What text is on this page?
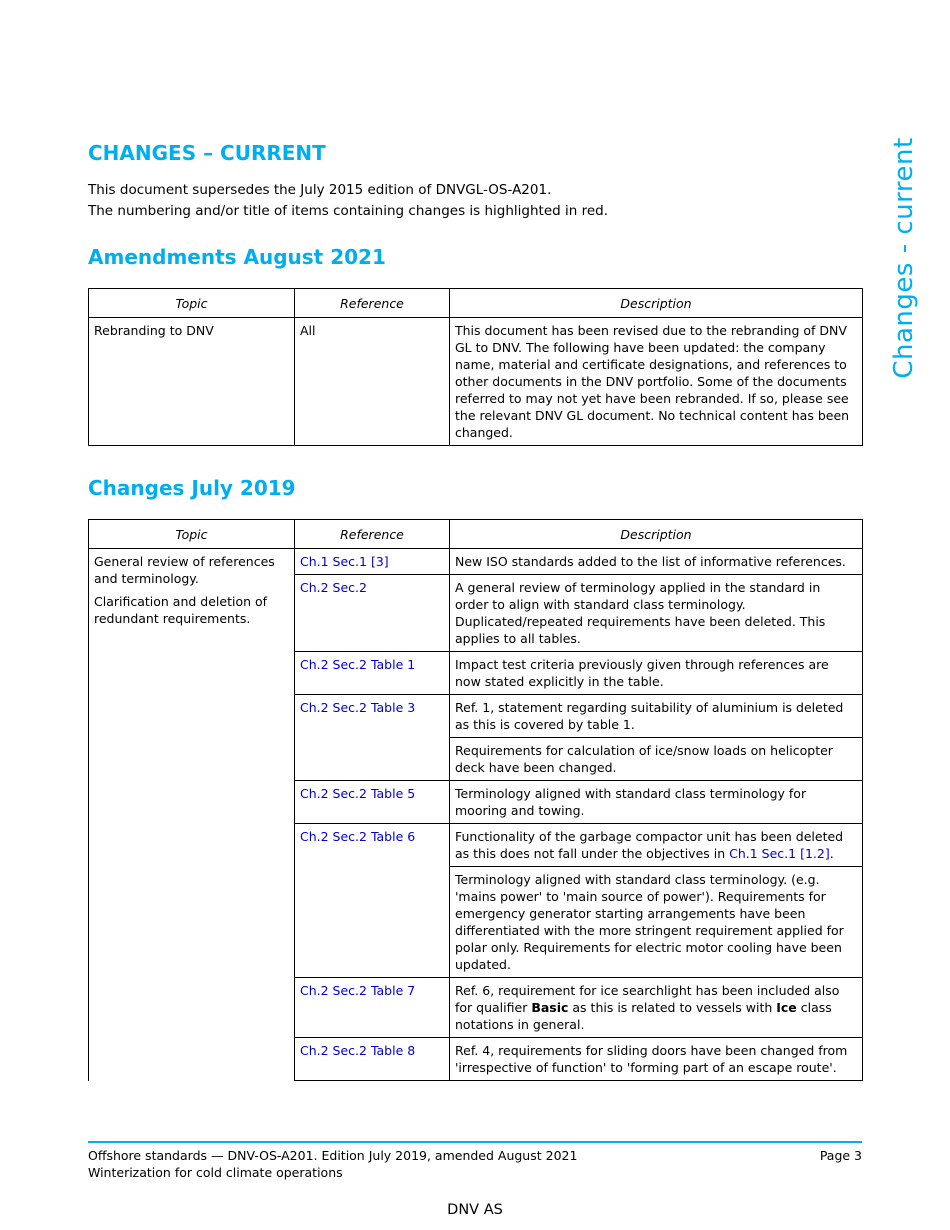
CHANGES – CURRENT
This document supersedes the July 2015 edition of DNVGL-OS-A201.
The numbering and/or title of items containing changes is highlighted in red.	Changes - current
Amendments August 2021
Topic	Reference	Description
Rebranding to DNV	All	This document has been revised due to the rebranding of DNV GL to DNV. The following have been updated: the company name, material and certificate designations, and references to other documents in the DNV portfolio. Some of the documents referred to may not yet have been rebranded. If so, please see the relevant DNV GL document. No technical content has been changed.
Changes July 2019
Topic	Reference	Description

General review of references and terminology.

Clarification and deletion of redundant requirements.	Ch.1 Sec.1 [3]	New ISO standards added to the list of informative references.
	Ch.2 Sec.2	A general review of terminology applied in the standard in order to align with standard class terminology. Duplicated/repeated requirements have been deleted. This applies to all tables.
	Ch.2 Sec.2 Table 1	Impact test criteria previously given through references are now stated explicitly in the table.
	Ch.2 Sec.2 Table 3	Ref. 1, statement regarding suitability of aluminium is deleted as this is covered by table 1.
		Requirements for calculation of ice/snow loads on helicopter deck have been changed.
	Ch.2 Sec.2 Table 5	Terminology aligned with standard class terminology for mooring and towing.
	Ch.2 Sec.2 Table 6	Functionality of the garbage compactor unit has been deleted as this does not fall under the objectives in Ch.1 Sec.1 [1.2].
		Terminology aligned with standard class terminology. (e.g. 'mains power' to 'main source of power'). Requirements for emergency generator starting arrangements have been differentiated with the more stringent requirement applied for polar only. Requirements for electric motor cooling have been updated.
	Ch.2 Sec.2 Table 7	Ref. 6, requirement for ice searchlight has been included also for qualifier Basic as this is related to vessels with Ice class notations in general.
	Ch.2 Sec.2 Table 8	Ref. 4, requirements for sliding doors have been changed from 'irrespective of function' to 'forming part of an escape route'.
Offshore standards — DNV-OS-A201. Edition July 2019, amended August 2021
Winterization for cold climate operations
Page 3
DNV AS
